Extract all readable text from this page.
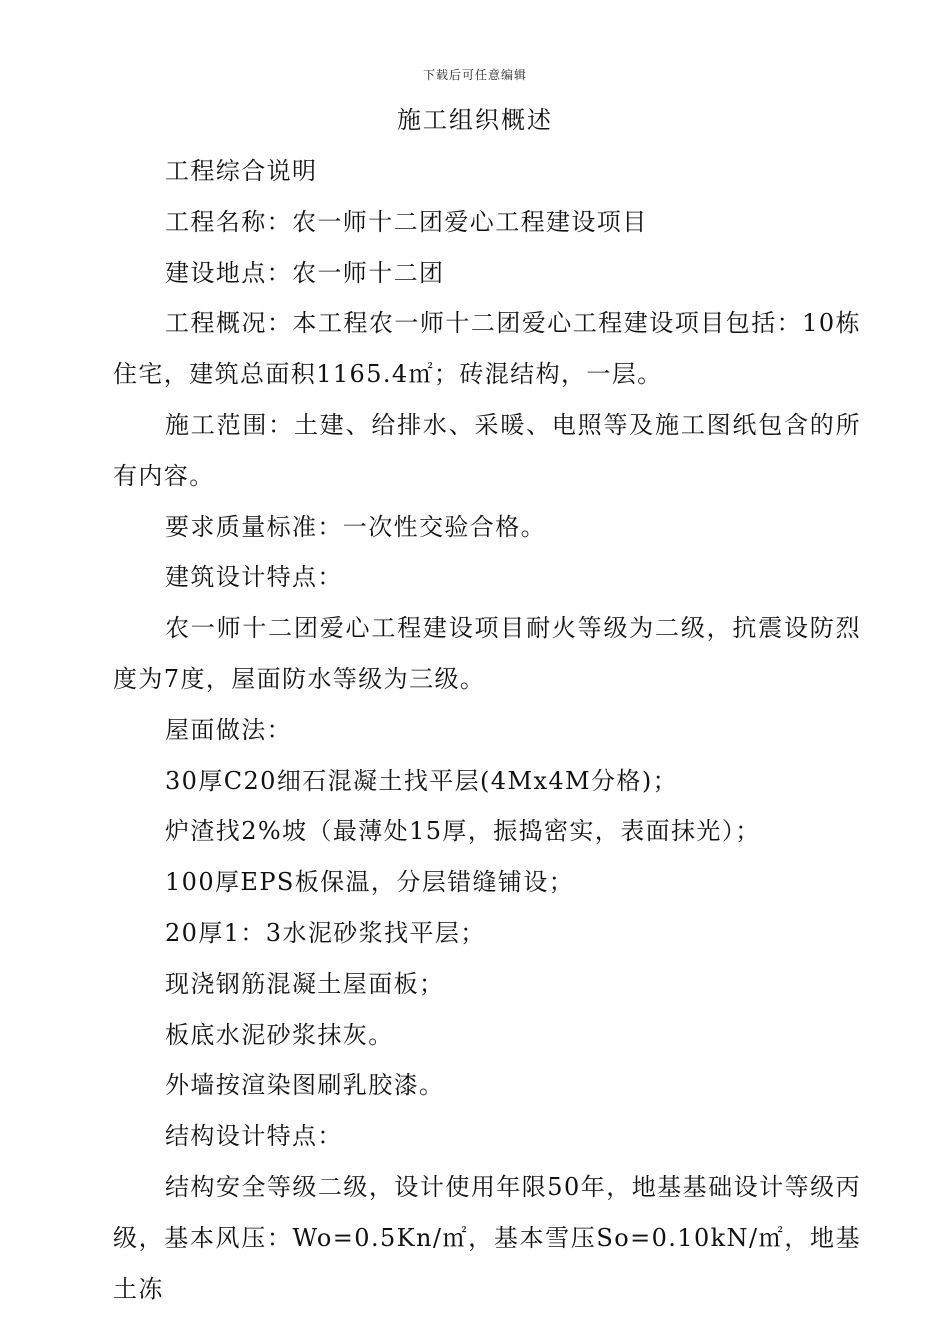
下载后可任意编辑
施工组织概述

工程综合说明

工程名称：农一师十二团爱心工程建设项目

建设地点：农一师十二团

工程概况：本工程农一师十二团爱心工程建设项目包括：10栋住宅，建筑总面积1165.4㎡；砖混结构，一层。

施工范围：土建、给排水、采暖、电照等及施工图纸包含的所有内容。

要求质量标准：一次性交验合格。

建筑设计特点：

农一师十二团爱心工程建设项目耐火等级为二级，抗震设防烈度为7度，屋面防水等级为三级。

屋面做法：

30厚C20细石混凝土找平层(4Mx4M分格)；

炉渣找2%坡（最薄处15厚，振捣密实，表面抹光）；

100厚EPS板保温，分层错缝铺设；

20厚1：3水泥砂浆找平层；

现浇钢筋混凝土屋面板；

板底水泥砂浆抹灰。

外墙按渲染图刷乳胶漆。

结构设计特点：

结构安全等级二级，设计使用年限50年，地基基础设计等级丙级，基本风压：Wo=0.5Kn/㎡，基本雪压So=0.10kN/㎡，地基土冻
